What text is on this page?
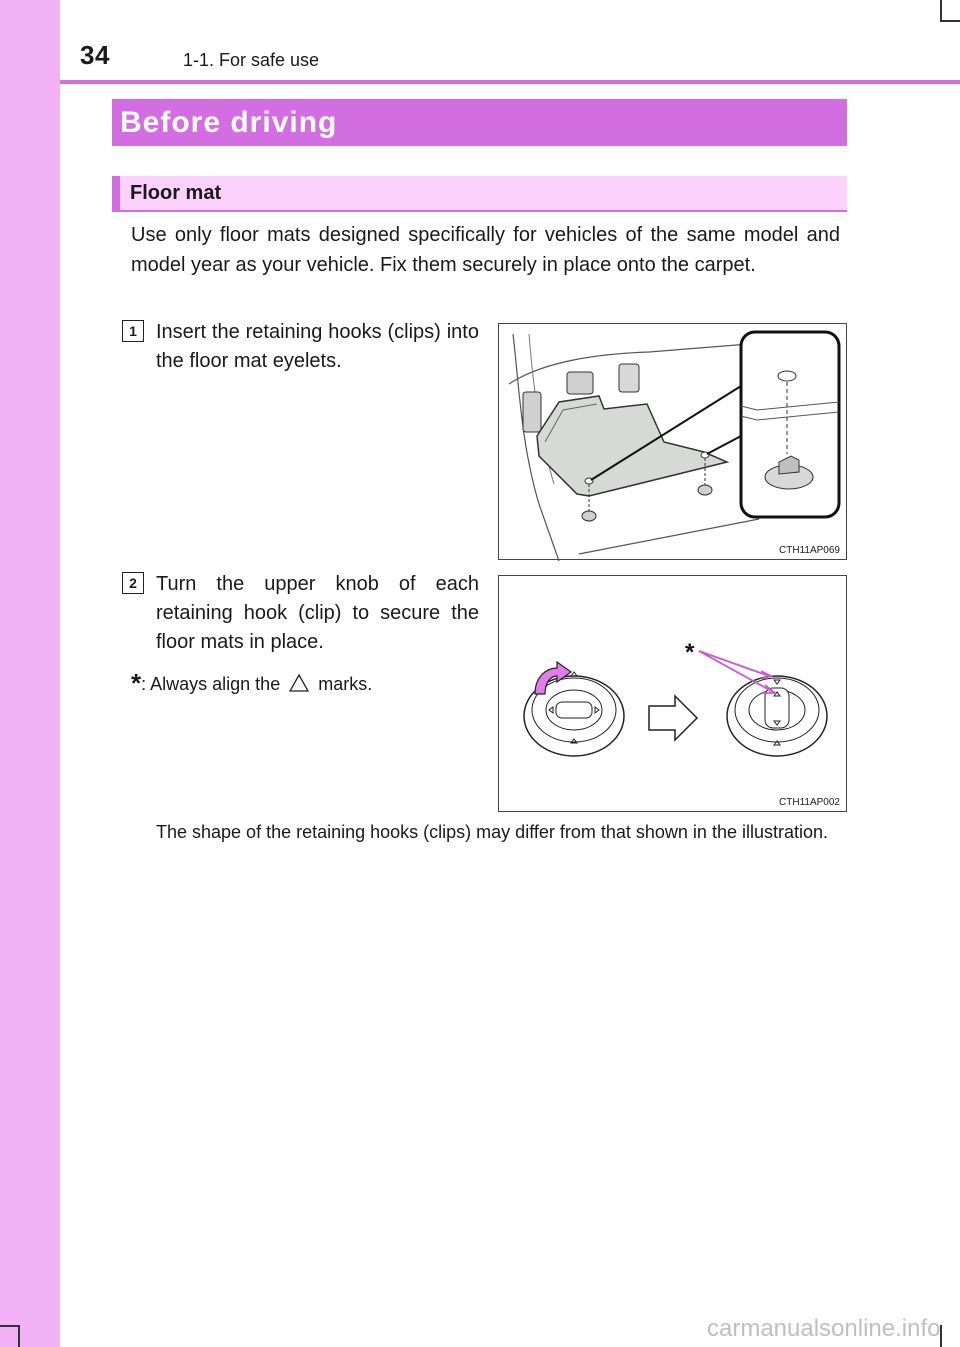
34	1-1. For safe use
Before driving
Floor mat
Use only floor mats designed specifically for vehicles of the same model and model year as your vehicle. Fix them securely in place onto the carpet.
1 Insert the retaining hooks (clips) into the floor mat eyelets.
CTH11AP069
2 Turn the upper knob of each retaining hook (clip) to secure the floor mats in place.
*: Always align the marks.
*
CTH11AP002
The shape of the retaining hooks (clips) may differ from that shown in the illustration.
carmanualsonline.info
